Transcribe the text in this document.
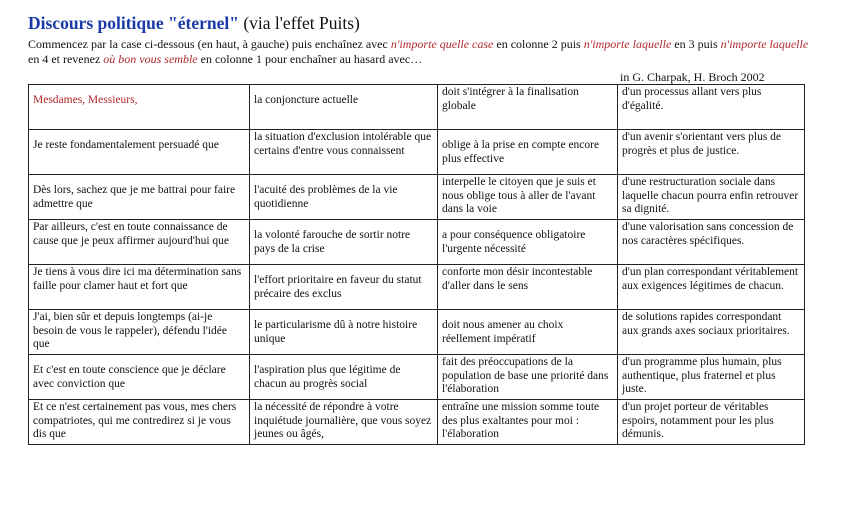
Discours politique "éternel" (via l'effet Puits)
Commencez par la case ci-dessous (en haut, à gauche) puis enchaînez avec n'importe quelle case en colonne 2 puis n'importe laquelle en 3 puis n'importe laquelle en 4 et revenez où bon vous semble en colonne 1 pour enchaîner au hasard avec…
in G. Charpak, H. Broch 2002
Mesdames, Messieurs,	la conjoncture actuelle	doit s'intégrer à la finalisation globale	d'un processus allant vers plus d'égalité.
Je reste fondamentalement persuadé que	la situation d'exclusion intolérable que certains d'entre vous connaissent	oblige à la prise en compte encore plus effective	d'un avenir s'orientant vers plus de progrès et plus de justice.
Dès lors, sachez que je me battrai pour faire admettre que	l'acuité des problèmes de la vie quotidienne	interpelle le citoyen que je suis et nous oblige tous à aller de l'avant dans la voie	d'une restructuration sociale dans laquelle chacun pourra enfin retrouver sa dignité.
Par ailleurs, c'est en toute connaissance de cause que je peux affirmer aujourd'hui que	la volonté farouche de sortir notre pays de la crise	a pour conséquence obligatoire l'urgente nécessité	d'une valorisation sans concession de nos caractères spécifiques.
Je tiens à vous dire ici ma détermination sans faille pour clamer haut et fort que	l'effort prioritaire en faveur du statut précaire des exclus	conforte mon désir incontestable d'aller dans le sens	d'un plan correspondant véritablement aux exigences légitimes de chacun.
J'ai, bien sûr et depuis longtemps (ai-je besoin de vous le rappeler), défendu l'idée que	le particularisme dû à notre histoire unique	doit nous amener au choix réellement impératif	de solutions rapides correspondant aux grands axes sociaux prioritaires.
Et c'est en toute conscience que je déclare avec conviction que	l'aspiration plus que légitime de chacun au progrès social	fait des préoccupations de la population de base une priorité dans l'élaboration	d'un programme plus humain, plus authentique, plus fraternel et plus juste.
Et ce n'est certainement pas vous, mes chers compatriotes, qui me contredirez si je vous dis que	la nécessité de répondre à votre inquiétude journalière, que vous soyez jeunes ou âgés,	entraîne une mission somme toute des plus exaltantes pour moi : l'élaboration	d'un projet porteur de véritables espoirs, notamment pour les plus démunis.
